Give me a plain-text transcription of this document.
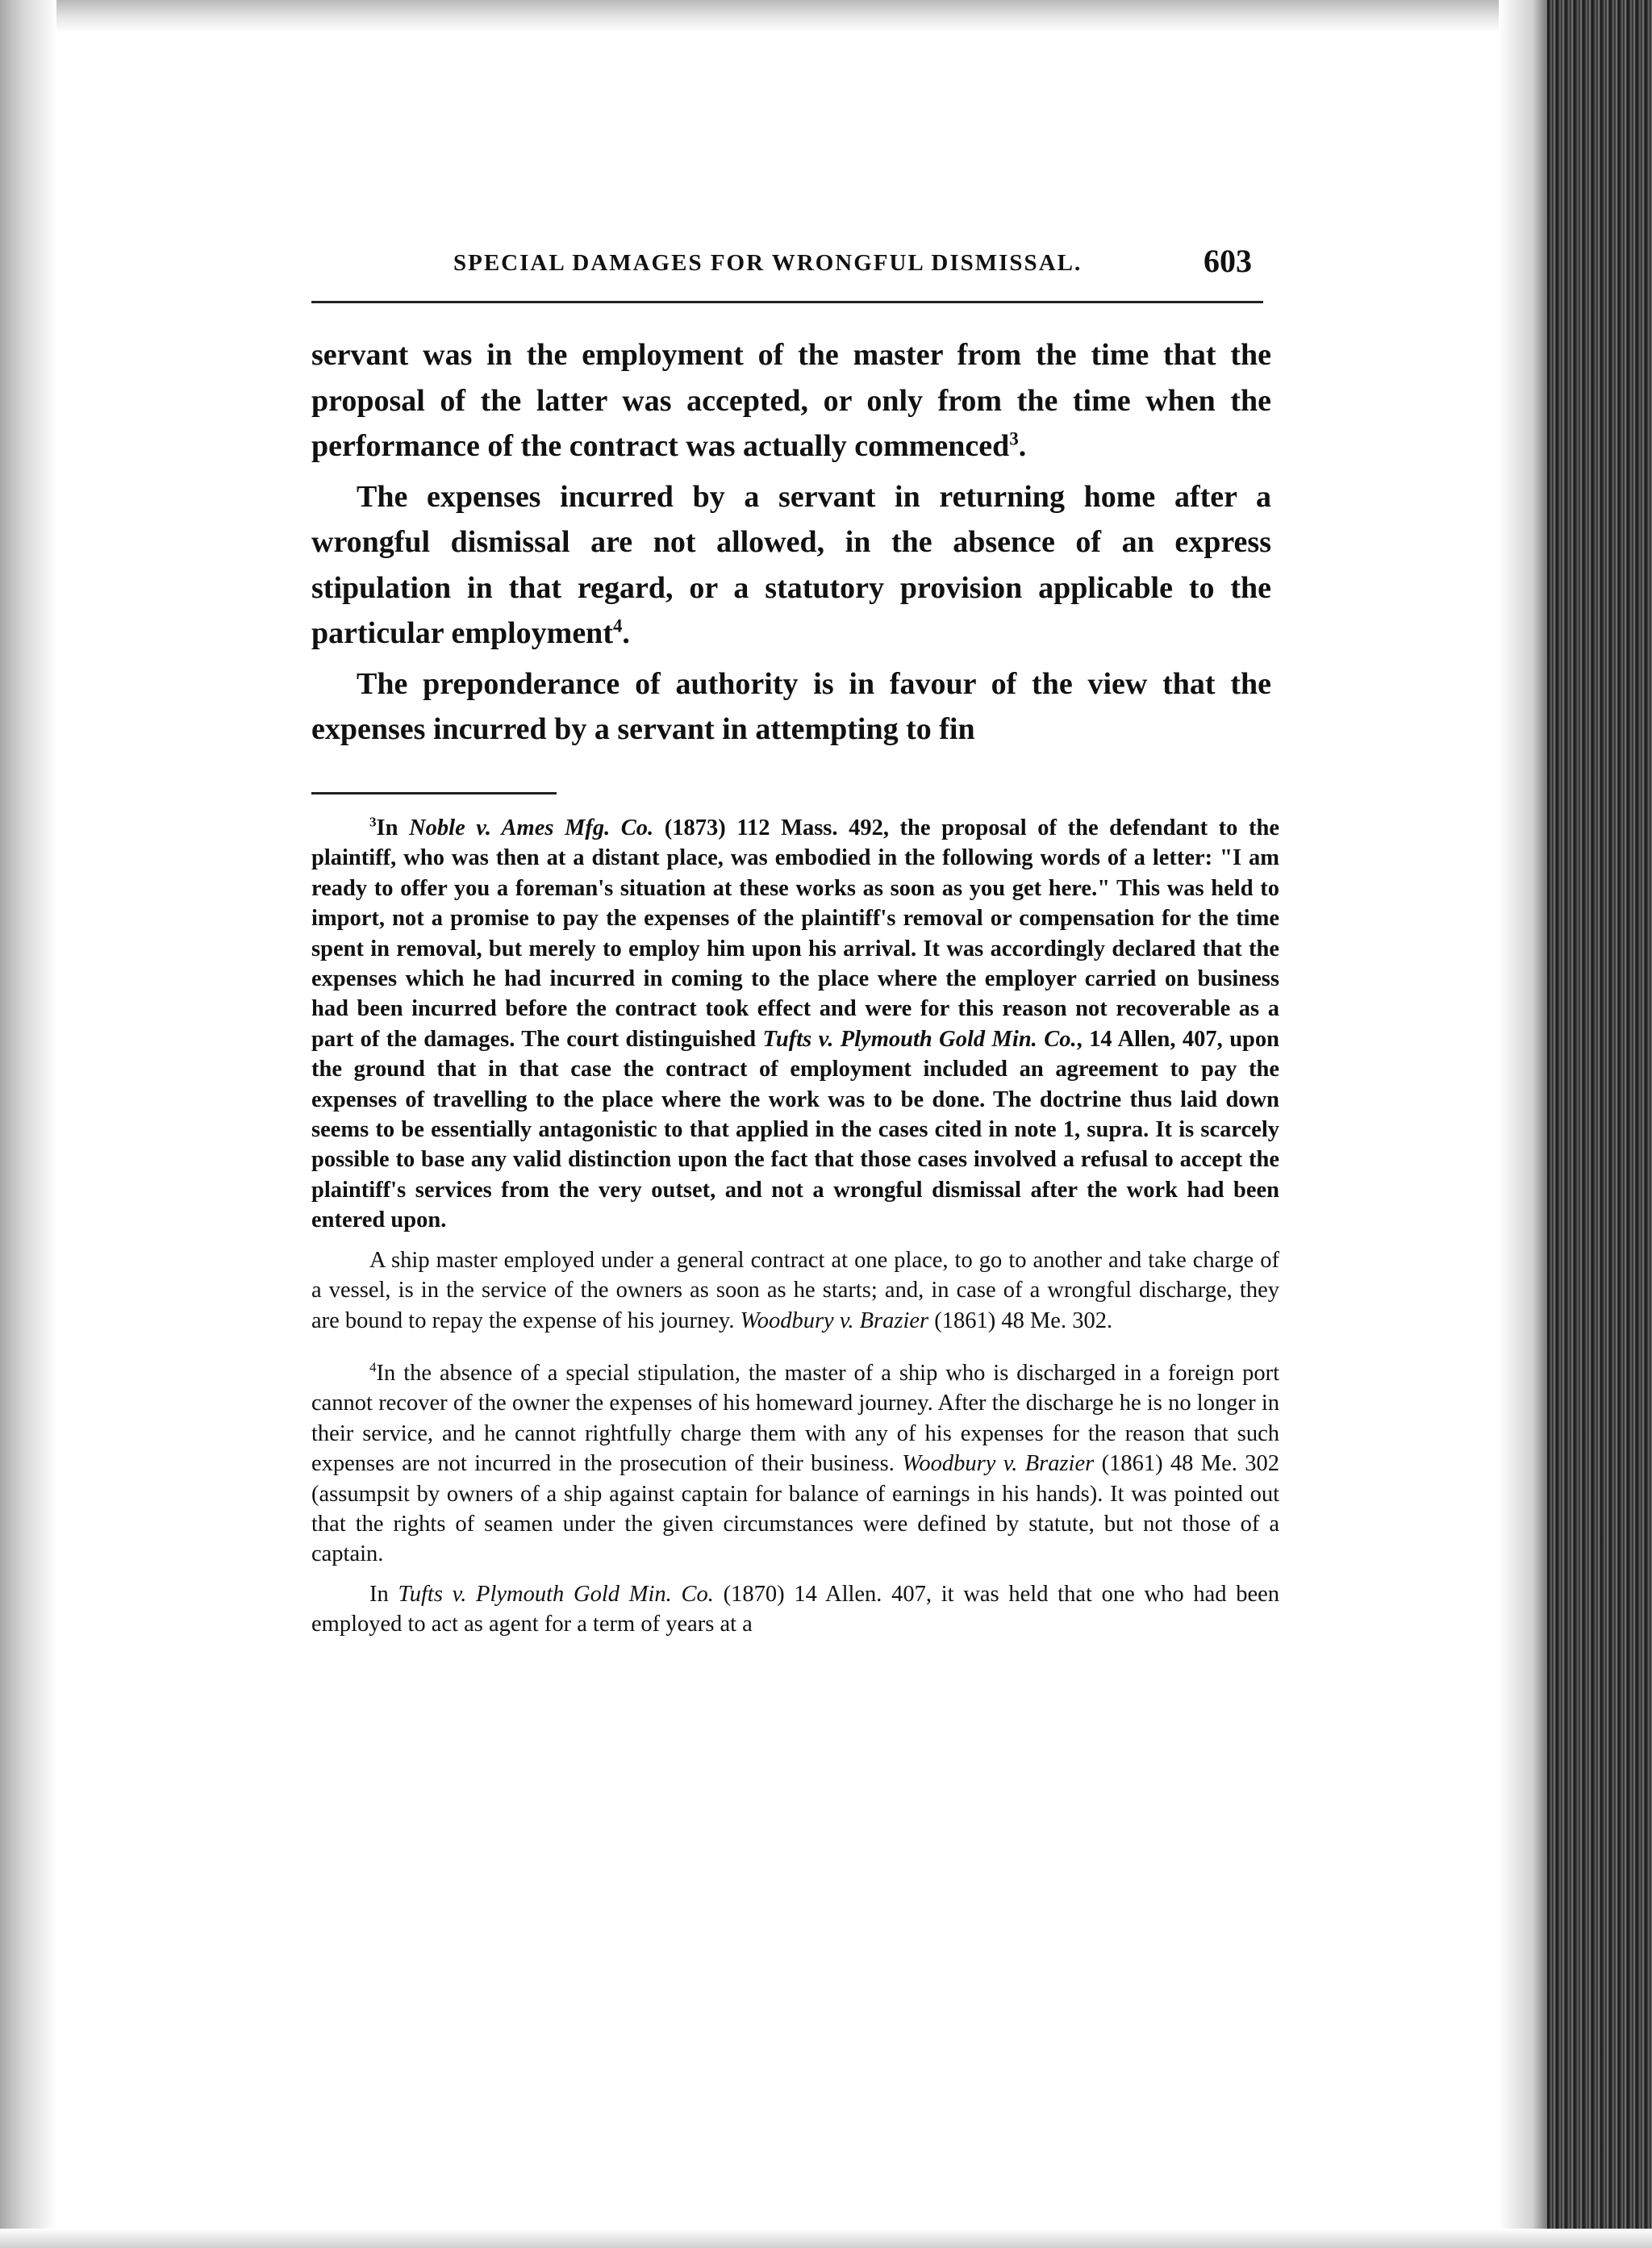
SPECIAL DAMAGES FOR WRONGFUL DISMISSAL.	603

servant was in the employment of the master from the time that the proposal of the latter was accepted, or only from the time when the performance of the contract was actually commenced$^3$.

The expenses incurred by a servant in returning home after a wrongful dismissal are not allowed, in the absence of an express stipulation in that regard, or a statutory provision applicable to the particular employment$^4$.

The preponderance of authority is in favour of the view that the expenses incurred by a servant in attempting to fin

$^3$In Noble v. Ames Mfg. Co. (1873) 112 Mass. 492, the proposal of the defendant to the plaintiff, who was then at a distant place, was embodied in the following words of a letter: "I am ready to offer you a foreman's situation at these works as soon as you get here." This was held to import, not a promise to pay the expenses of the plaintiff's removal or compensation for the time spent in removal, but merely to employ him upon his arrival. It was accordingly declared that the expenses which he had incurred in coming to the place where the employer carried on business had been incurred before the contract took effect and were for this reason not recoverable as a part of the damages. The court distinguished Tufts v. Plymouth Gold Min. Co., 14 Allen, 407, upon the ground that in that case the contract of employment included an agreement to pay the expenses of travelling to the place where the work was to be done. The doctrine thus laid down seems to be essentially antagonistic to that applied in the cases cited in note 1, supra. It is scarcely possible to base any valid distinction upon the fact that those cases involved a refusal to accept the plaintiff's services from the very outset, and not a wrongful dismissal after the work had been entered upon.

A ship master employed under a general contract at one place, to go to another and take charge of a vessel, is in the service of the owners as soon as he starts; and, in case of a wrongful discharge, they are bound to repay the expense of his journey. Woodbury v. Brazier (1861) 48 Me. 302.

$^4$In the absence of a special stipulation, the master of a ship who is discharged in a foreign port cannot recover of the owner the expenses of his homeward journey. After the discharge he is no longer in their service, and he cannot rightfully charge them with any of his expenses for the reason that such expenses are not incurred in the prosecution of their business. Woodbury v. Brazier (1861) 48 Me. 302 (assumpsit by owners of a ship against captain for balance of earnings in his hands). It was pointed out that the rights of seamen under the given circumstances were defined by statute, but not those of a captain.

In Tufts v. Plymouth Gold Min. Co. (1870) 14 Allen. 407, it was held that one who had been employed to act as agent for a term of years at a
